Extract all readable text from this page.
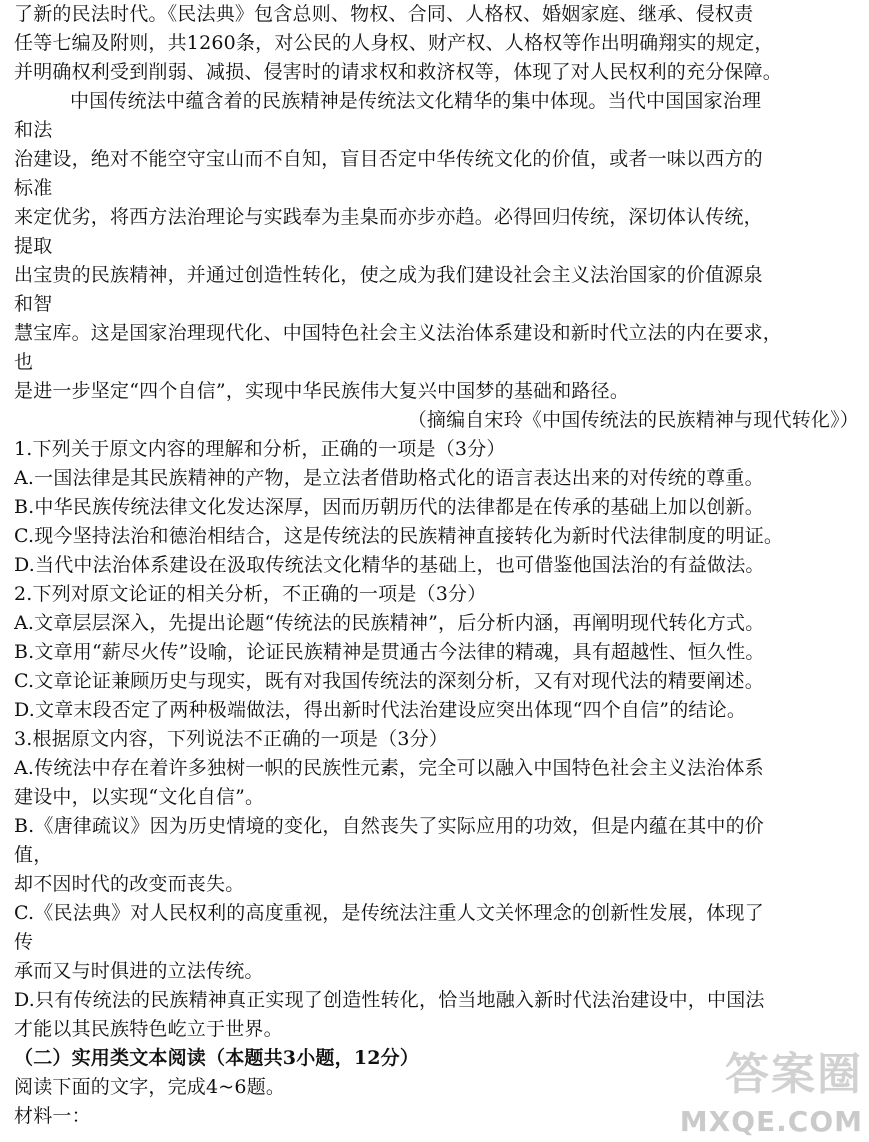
了新的民法时代。《民法典》包含总则、物权、合同、人格权、婚姻家庭、继承、侵权责
任等七编及附则，共1260条，对公民的人身权、财产权、人格权等作出明确翔实的规定，
并明确权利受到削弱、减损、侵害时的请求权和救济权等，体现了对人民权利的充分保障。
中国传统法中蕴含着的民族精神是传统法文化精华的集中体现。当代中国国家治理
和法
治建设，绝对不能空守宝山而不自知，盲目否定中华传统文化的价值，或者一味以西方的
标准
来定优劣，将西方法治理论与实践奉为圭臬而亦步亦趋。必得回归传统，深切体认传统，
提取
出宝贵的民族精神，并通过创造性转化，使之成为我们建设社会主义法治国家的价值源泉
和智
慧宝库。这是国家治理现代化、中国特色社会主义法治体系建设和新时代立法的内在要求，
也
是进一步坚定“四个自信”，实现中华民族伟大复兴中国梦的基础和路径。
（摘编自宋玲《中国传统法的民族精神与现代转化》）
1.下列关于原文内容的理解和分析，正确的一项是（3分）
A.一国法律是其民族精神的产物，是立法者借助格式化的语言表达出来的对传统的尊重。
B.中华民族传统法律文化发达深厚，因而历朝历代的法律都是在传承的基础上加以创新。
C.现今坚持法治和德治相结合，这是传统法的民族精神直接转化为新时代法律制度的明证。
D.当代中法治体系建设在汲取传统法文化精华的基础上，也可借鉴他国法治的有益做法。
2.下列对原文论证的相关分析，不正确的一项是（3分）
A.文章层层深入，先提出论题“传统法的民族精神”，后分析内涵，再阐明现代转化方式。
B.文章用“薪尽火传”设喻，论证民族精神是贯通古今法律的精魂，具有超越性、恒久性。
C.文章论证兼顾历史与现实，既有对我国传统法的深刻分析，又有对现代法的精要阐述。
D.文章末段否定了两种极端做法，得出新时代法治建设应突出体现“四个自信”的结论。
3.根据原文内容，下列说法不正确的一项是（3分）
A.传统法中存在着许多独树一帜的民族性元素，完全可以融入中国特色社会主义法治体系
建设中，以实现“文化自信”。
B.《唐律疏议》因为历史情境的变化，自然丧失了实际应用的功效，但是内蕴在其中的价
值，
却不因时代的改变而丧失。
C.《民法典》对人民权利的高度重视，是传统法注重人文关怀理念的创新性发展，体现了
传
承而又与时俱进的立法传统。
D.只有传统法的民族精神真正实现了创造性转化，恰当地融入新时代法治建设中，中国法
才能以其民族特色屹立于世界。
（二）实用类文本阅读（本题共3小题，12分）
阅读下面的文字，完成4~6题。
材料一：
答案圈
MXQE.COM
